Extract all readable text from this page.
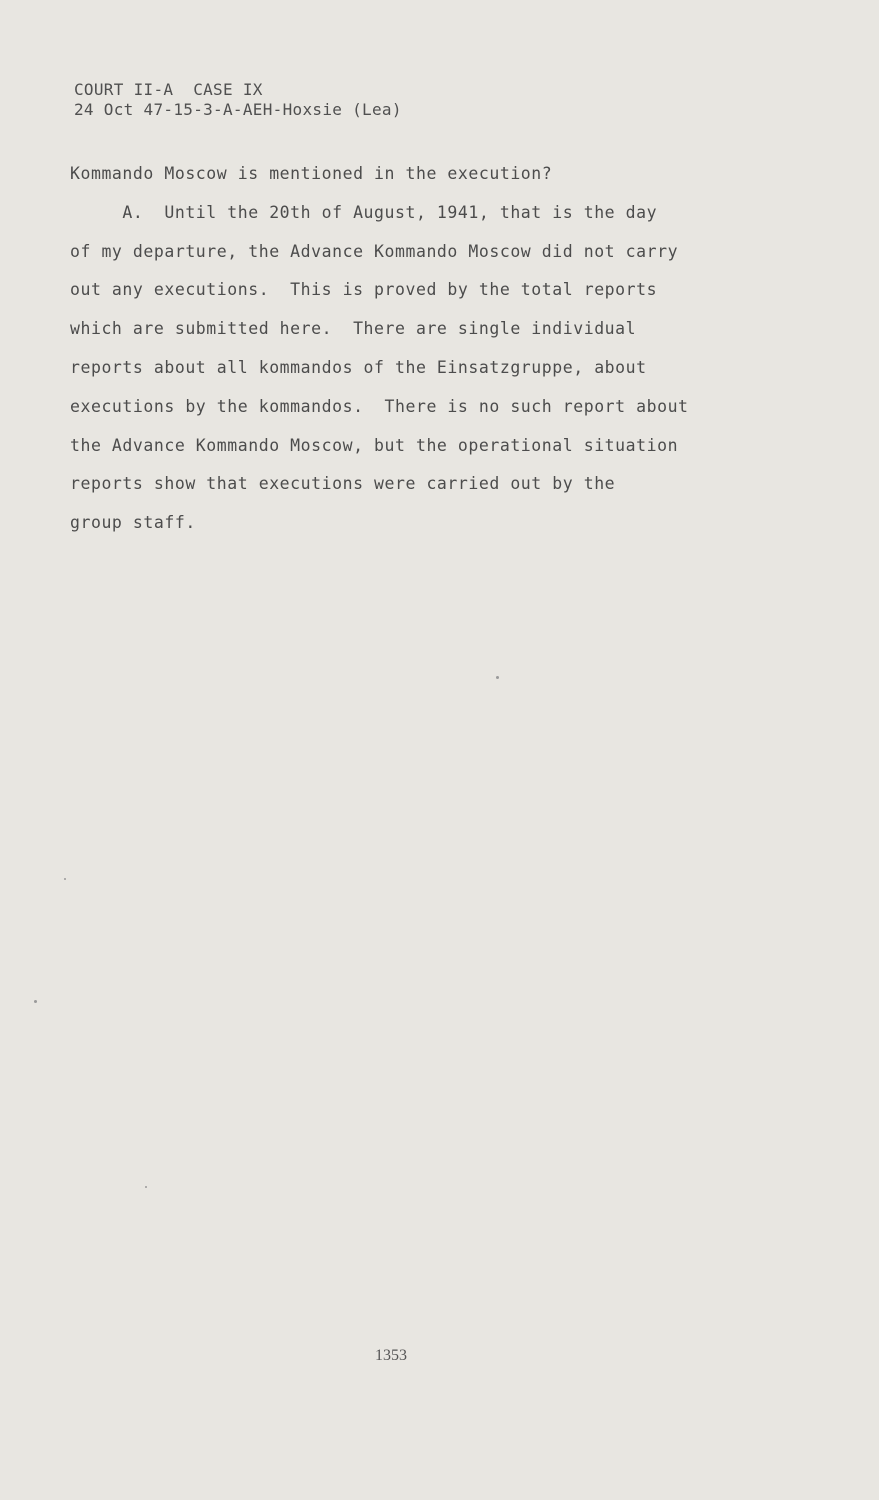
COURT II-A  CASE IX
24 Oct 47-15-3-A-AEH-Hoxsie (Lea)
Kommando Moscow is mentioned in the execution?
A.  Until the 20th of August, 1941, that is the day
of my departure, the Advance Kommando Moscow did not carry
out any executions.  This is proved by the total reports
which are submitted here.  There are single individual
reports about all kommandos of the Einsatzgruppe, about
executions by the kommandos.  There is no such report about
the Advance Kommando Moscow, but the operational situation
reports show that executions were carried out by the
group staff.
1353
